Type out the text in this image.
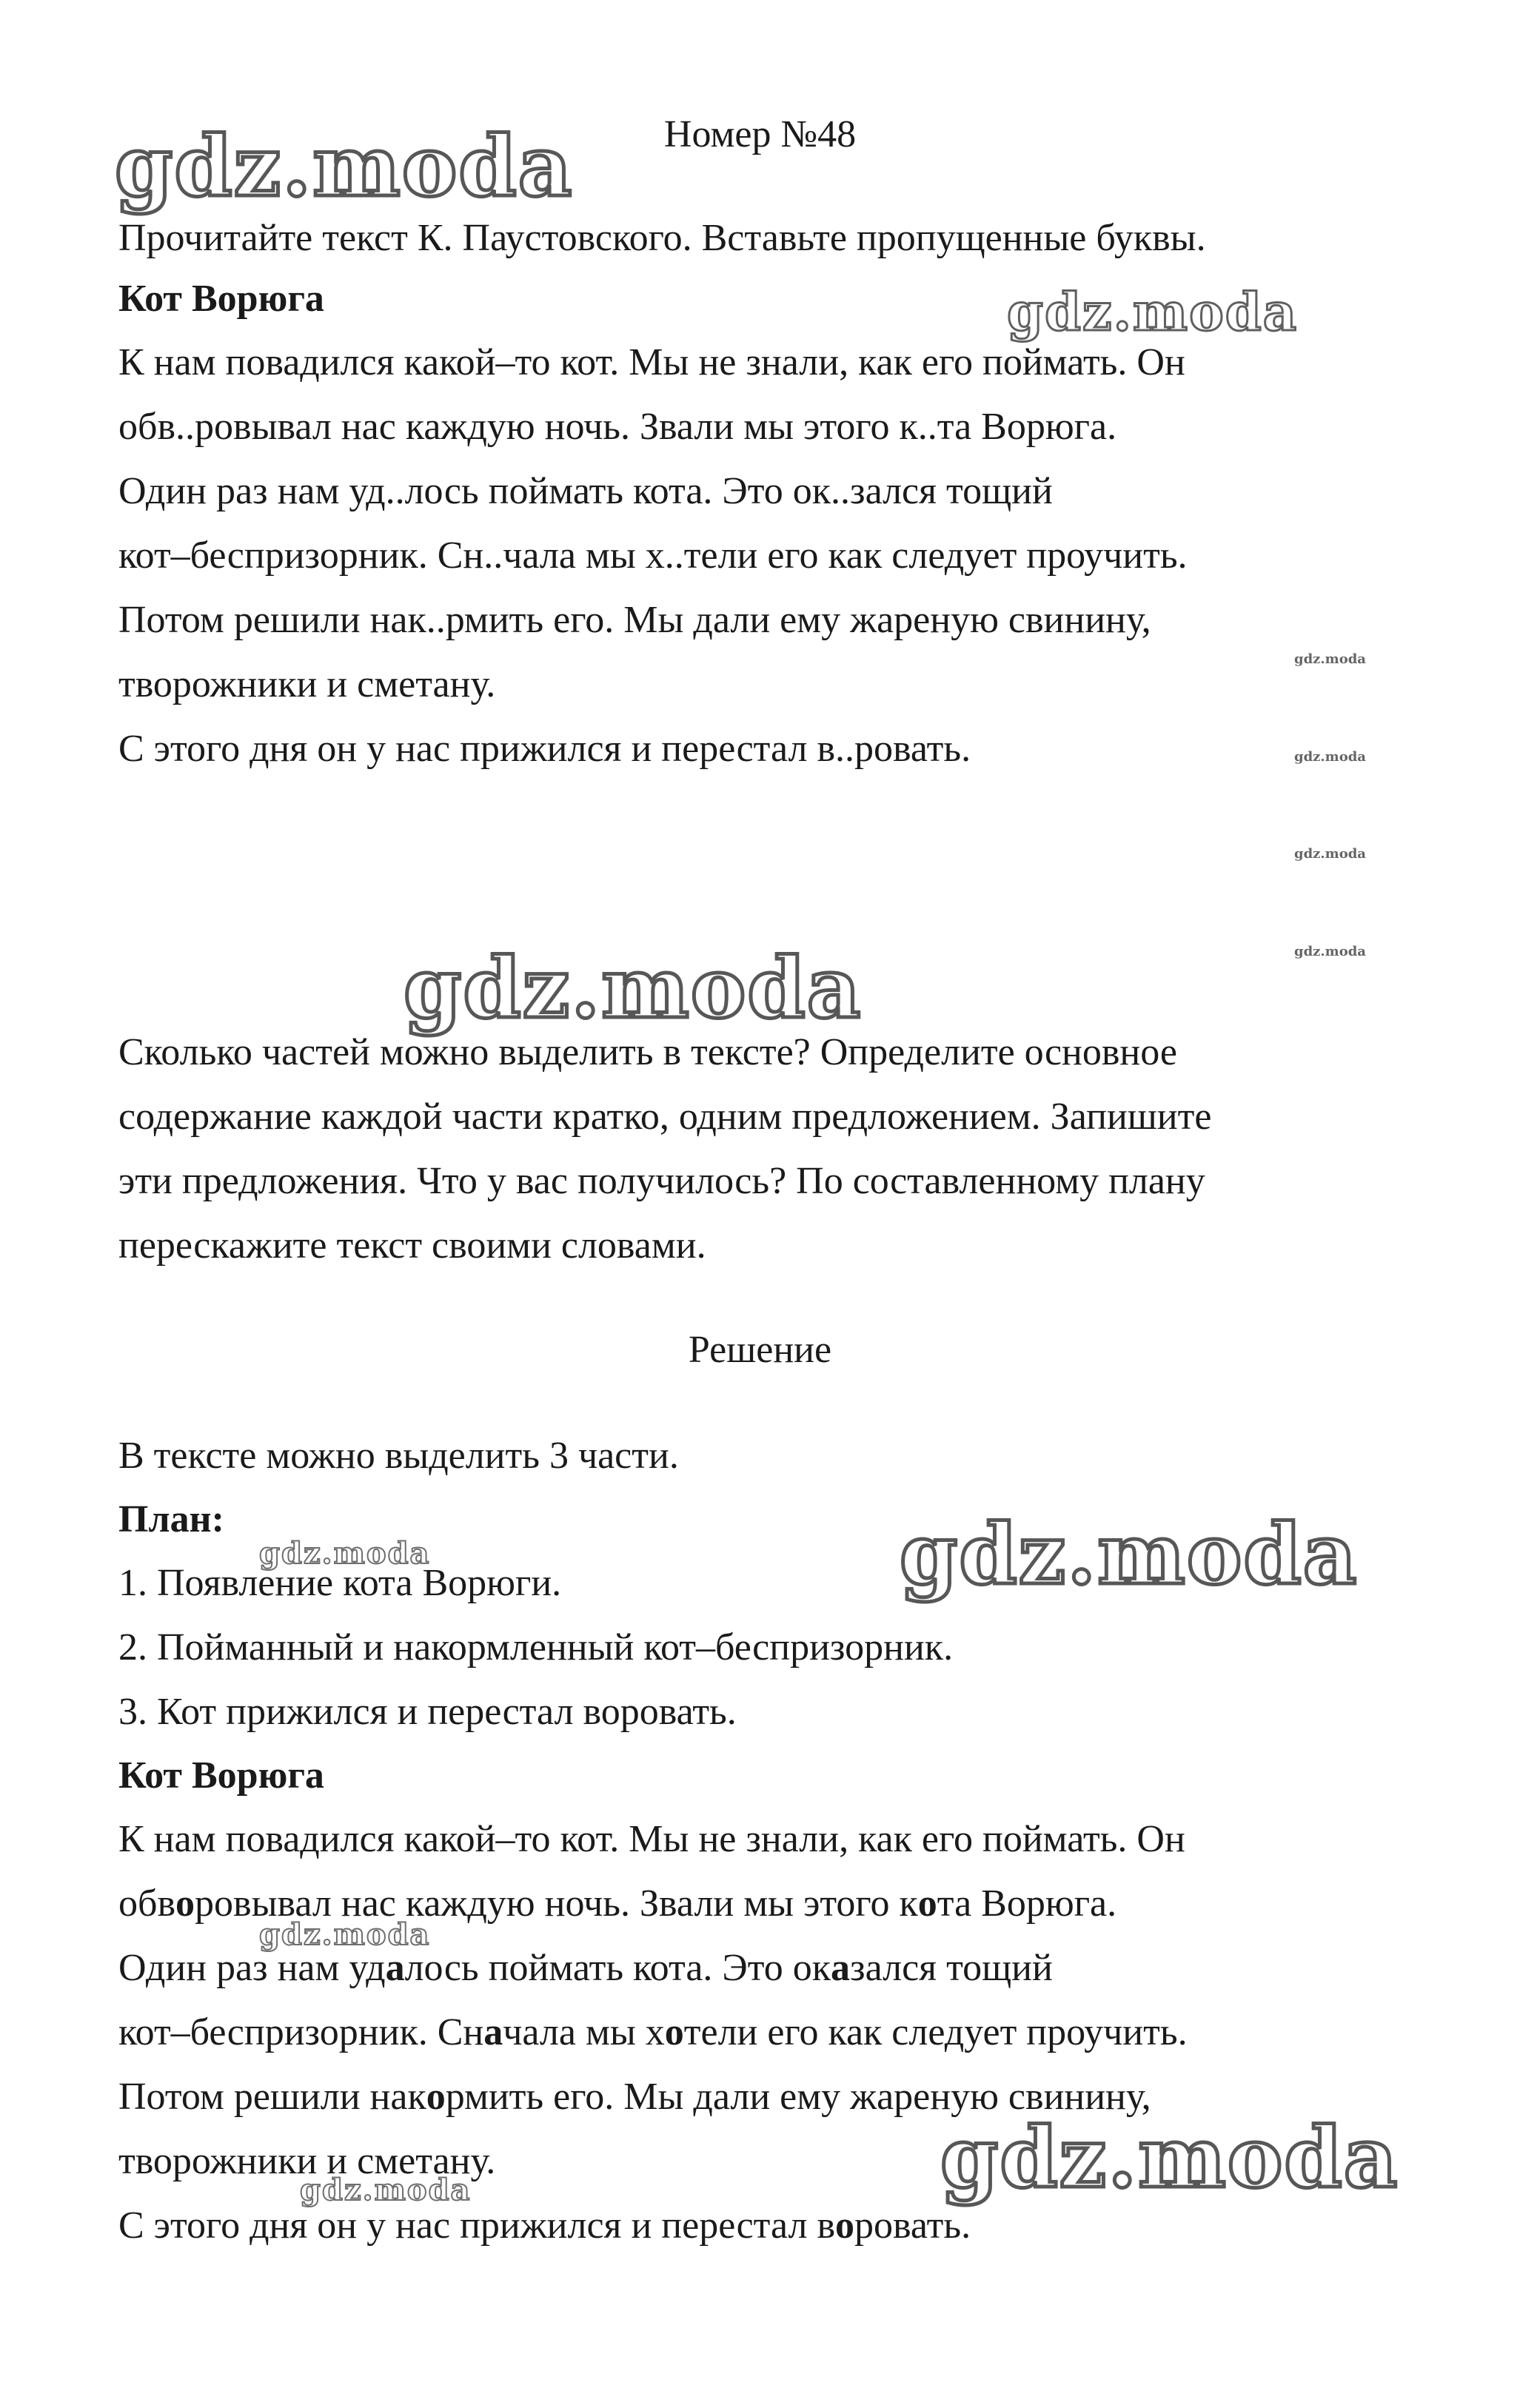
Номер №48

Прочитайте текст К. Паустовского. Вставьте пропущенные буквы.

Кот Ворюга

К нам повадился какой–то кот. Мы не знали, как его поймать. Он

обв..ровывал нас каждую ночь. Звали мы этого к..та Ворюга.

Один раз нам уд..лось поймать кота. Это ок..зался тощий

кот–беспризорник. Сн..чала мы х..тели его как следует проучить.

Потом решили нак..рмить его. Мы дали ему жареную свинину,

творожники и сметану.

С этого дня он у нас прижился и перестал в..ровать.

Сколько частей можно выделить в тексте? Определите основное

содержание каждой части кратко, одним предложением. Запишите

эти предложения. Что у вас получилось? По составленному плану

перескажите текст своими словами.

Решение

В тексте можно выделить 3 части.

План:

1. Появление кота Ворюги.

2. Пойманный и накормленный кот–беспризорник.

3. Кот прижился и перестал воровать.

Кот Ворюга

К нам повадился какой–то кот. Мы не знали, как его поймать. Он

обворовывал нас каждую ночь. Звали мы этого кота Ворюга.

Один раз нам удалось поймать кота. Это оказался тощий

кот–беспризорник. Сначала мы хотели его как следует проучить.

Потом решили накормить его. Мы дали ему жареную свинину,

творожники и сметану.

С этого дня он у нас прижился и перестал воровать.

gdz.moda
gdz.moda
gdz.moda
gdz.moda
gdz.moda
gdz.moda
gdz.moda
gdz.moda	gdz.moda
gdz.moda
gdz.moda
gdz.moda
